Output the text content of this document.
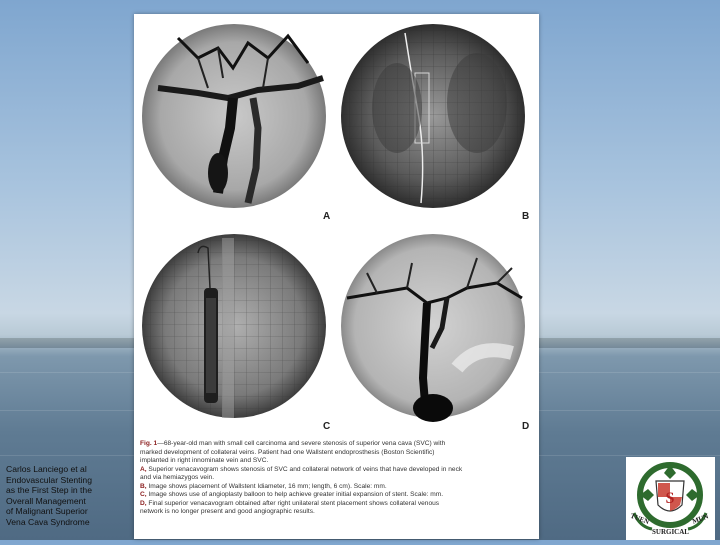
A	B
C	D
Fig. 1—68-year-old man with small cell carcinoma and severe stenosis of superior vena cava (SVC) with
marked development of collateral veins. Patient had one Wallstent endoprosthesis (Boston Scientific)
implanted in right innominate vein and SVC.
A, Superior venacavogram shows stenosis of SVC and collateral network of veins that have developed in neck
and via hemiazygos vein.
B, Image shows placement of Wallstent Idiameter, 16 mm; length, 6 cm). Scale: mm.
C, Image shows use of angioplasty balloon to help achieve greater initial expansion of stent. Scale: mm.
D, Final superior venacavogram obtained after right unilateral stent placement shows collateral venous
network is no longer present and good angiographic results.
Carlos Lanciego et al
Endovascular Stenting
as the First Step in the
Overall Management
of Malignant Superior
Vena Cava Syndrome
S
TUEN	MUN
SURGICAL
